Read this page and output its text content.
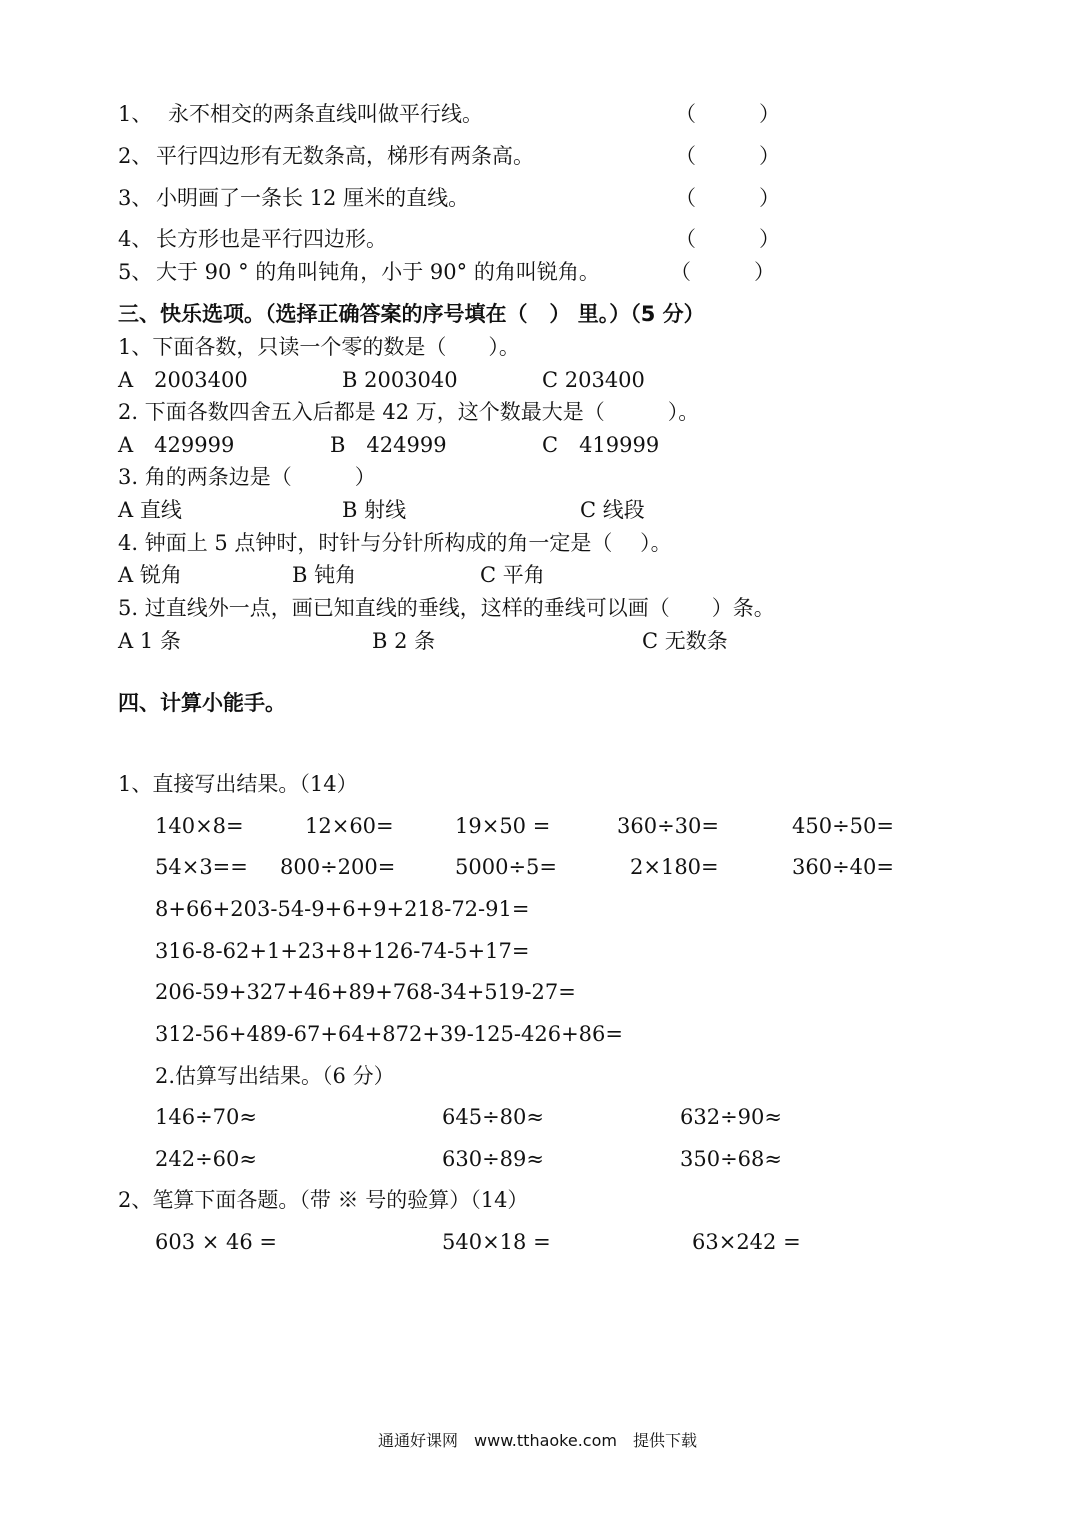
1、 永不相交的两条直线叫做平行线。	（　　　）
2、 平行四边形有无数条高，梯形有两条高。	（　　　）
3、 小明画了一条长 12 厘米的直线。	（　　　）
4、 长方形也是平行四边形。	（　　　）
5、 大于 90 ° 的角叫钝角，小于 90° 的角叫锐角。	（　　　）
三、快乐选项。（选择正确答案的序号填在（   ） 里。）（5 分）
1、下面各数，只读一个零的数是（　　）。
A　2003400	B 2003040	C 203400
2. 下面各数四舍五入后都是 42 万，这个数最大是（　　　）。
A　429999	B　424999	C　419999
3. 角的两条边是（　　　）
A 直线	B 射线	C 线段
4. 钟面上 5 点钟时，时针与分针所构成的角一定是（　 ）。
A 锐角	B 钝角	C 平角
5. 过直线外一点，画已知直线的垂线，这样的垂线可以画（　　）条。
A 1 条	B 2 条	C 无数条
四、计算小能手。
1、直接写出结果。（14）
140×8=	12×60=	19×50 =	360÷30=	450÷50=
54×3== 800÷200=	5000÷5=	2×180=	360÷40=
8+66+203-54-9+6+9+218-72-91=
316-8-62+1+23+8+126-74-5+17=
206-59+327+46+89+768-34+519-27=
312-56+489-67+64+872+39-125-426+86=
2.估算写出结果。（6 分）
146÷70≈	645÷80≈	632÷90≈
242÷60≈	630÷89≈	350÷68≈
2、笔算下面各题。（带 ※ 号的验算）（14）
603 × 46 =	540×18 =	63×242 =
通通好课网　www.tthaoke.com　提供下载
